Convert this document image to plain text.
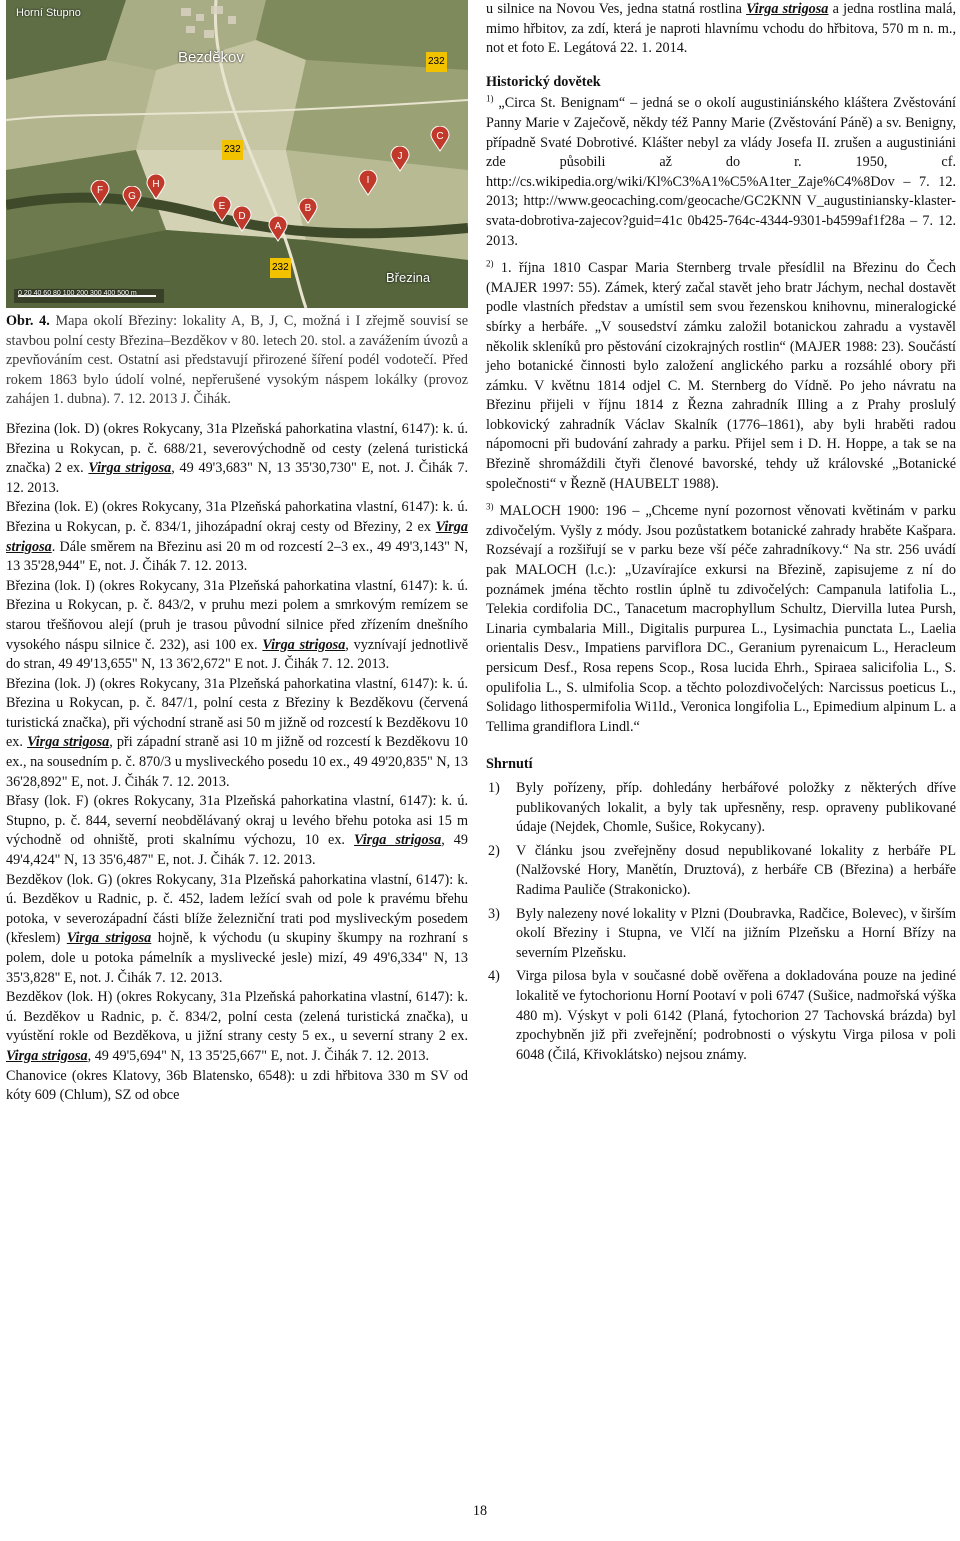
Horní Stupno
Bezděkov
Březina
0 20 40 60 80 100 200 300 400 500 m
232
232
232
F
G
H
E
D
A
B
I
J
C

Obr. 4. Mapa okolí Březiny: lokality A, B, J, C, možná i I zřejmě souvisí se stavbou polní cesty Březina–Bezděkov v 80. letech 20. stol. a zavážením úvozů a zpevňováním cest. Ostatní asi představují přirozené šíření podél vodotečí. Před rokem 1863 bylo údolí volné, nepřerušené vysokým náspem lokálky (provoz zahájen 1. dubna). 7. 12. 2013 J. Čihák.

Březina (lok. D) (okres Rokycany, 31a Plzeňská pahorkatina vlastní, 6147): k. ú. Březina u Rokycan, p. č. 688/21, severovýchodně od cesty (zelená turistická značka) 2 ex. Virga strigosa, 49 49'3,683" N, 13 35'30,730" E, not. J. Čihák 7. 12. 2013.

Březina (lok. E) (okres Rokycany, 31a Plzeňská pahorkatina vlastní, 6147): k. ú. Březina u Rokycan, p. č. 834/1, jihozápadní okraj cesty od Březiny, 2 ex Virga strigosa. Dále směrem na Březinu asi 20 m od rozcestí 2–3 ex., 49 49'3,143" N, 13 35'28,944" E, not. J. Čihák 7. 12. 2013.

Březina (lok. I) (okres Rokycany, 31a Plzeňská pahorkatina vlastní, 6147): k. ú. Březina u Rokycan, p. č. 843/2, v pruhu mezi polem a smrkovým remízem se starou třešňovou alejí (pruh je trasou původní silnice před zřízením dnešního vysokého náspu silnice č. 232), asi 100 ex. Virga strigosa, vyznívají jednotlivě do stran, 49 49'13,655" N, 13 36'2,672" E not. J. Čihák 7. 12. 2013.

Březina (lok. J) (okres Rokycany, 31a Plzeňská pahorkatina vlastní, 6147): k. ú. Březina u Rokycan, p. č. 847/1, polní cesta z Březiny k Bezděkovu (červená turistická značka), při východní straně asi 50 m jižně od rozcestí k Bezděkovu 10 ex. Virga strigosa, při západní straně asi 10 m jižně od rozcestí k Bezděkovu 10 ex., na sousedním p. č. 870/3 u mysliveckého posedu 10 ex., 49 49'20,835" N, 13 36'28,892" E, not. J. Čihák 7. 12. 2013.

Břasy (lok. F) (okres Rokycany, 31a Plzeňská pahorkatina vlastní, 6147): k. ú. Stupno, p. č. 844, severní neobdělávaný okraj u levého břehu potoka asi 15 m východně od ohniště, proti skalnímu výchozu, 10 ex. Virga strigosa, 49 49'4,424" N, 13 35'6,487" E, not. J. Čihák 7. 12. 2013.

Bezděkov (lok. G) (okres Rokycany, 31a Plzeňská pahorkatina vlastní, 6147): k. ú. Bezděkov u Radnic, p. č. 452, ladem ležící svah od pole k pravému břehu potoka, v severozápadní části blíže železniční trati pod mysliveckým posedem (křeslem) Virga strigosa hojně, k východu (u skupiny škumpy na rozhraní s polem, dole u potoka pámelník a myslivecké jesle) mizí, 49 49'6,334" N, 13 35'3,828" E, not. J. Čihák 7. 12. 2013.

Bezděkov (lok. H) (okres Rokycany, 31a Plzeňská pahorkatina vlastní, 6147): k. ú. Bezděkov u Radnic, p. č. 834/2, polní cesta (zelená turistická značka), u vyústění rokle od Bezděkova, u jižní strany cesty 5 ex., u severní strany 2 ex. Virga strigosa, 49 49'5,694" N, 13 35'25,667" E, not. J. Čihák 7. 12. 2013.

Chanovice (okres Klatovy, 36b Blatensko, 6548): u zdi hřbitova 330 m SV od kóty 609 (Chlum), SZ od obce

u silnice na Novou Ves, jedna statná rostlina Virga strigosa a jedna rostlina malá, mimo hřbitov, za zdí, která je naproti hlavnímu vchodu do hřbitova, 570 m n. m., not et foto E. Legátová 22. 1. 2014.

Historický dovětek

$^{1)}$ „Circa St. Benignam“ – jedná se o okolí augustiniánského kláštera Zvěstování Panny Marie v Zaječově, někdy též Panny Marie (Zvěstování Páně) a sv. Benigny, případně Svaté Dobrotivé. Klášter nebyl za vlády Josefa II. zrušen a augustiniáni zde působili až do r. 1950, cf. http://cs.wikipedia.org/wiki/Kl%C3%A1%C5%A1ter_Zaje%C4%8Dov – 7. 12. 2013; http://www.geocaching.com/geocache/GC2KNN V_augustiniansky-klaster-svata-dobrotiva-zajecov?guid=41c 0b425-764c-4344-9301-b4599af1f28a – 7. 12. 2013.

$^{2)}$ 1. října 1810 Caspar Maria Sternberg trvale přesídlil na Březinu do Čech (MAJER 1997: 55). Zámek, který začal stavět jeho bratr Jáchym, nechal dostavět podle vlastních představ a umístil sem svou řezenskou knihovnu, mineralogické sbírky a herbáře. „V sousedství zámku založil botanickou zahradu a vystavěl několik skleníků pro pěstování cizokrajných rostlin“ (MAJER 1988: 23). Součástí jeho botanické činnosti bylo založení anglického parku a rozsáhlé obory při zámku. V květnu 1814 odjel C. M. Sternberg do Vídně. Po jeho návratu na Březinu přijeli v říjnu 1814 z Řezna zahradník Illing a z Prahy proslulý lobkovický zahradník Václav Skalník (1776–1861), aby byli hraběti radou nápomocni při budování zahrady a parku. Přijel sem i D. H. Hoppe, a tak se na Březině shromáždili čtyři členové bavorské, tehdy už královské „Botanické společnosti“ v Řezně (HAUBELT 1988).

$^{3)}$ MALOCH 1900: 196 – „Chceme nyní pozornost věnovati květinám v parku zdivočelým. Vyšly z módy. Jsou pozůstatkem botanické zahrady hraběte Kašpara. Rozsévají a rozšiřují se v parku beze vší péče zahradníkovy.“ Na str. 256 uvádí pak MALOCH (l.c.): „Uzavírajíce exkursi na Březině, zapisujeme z ní do poznámek jména těchto rostlin úplně tu zdivočelých: Campanula latifolia L., Telekia cordifolia DC., Tanacetum macrophyllum Schultz, Diervilla lutea Pursh, Linaria cymbalaria Mill., Digitalis purpurea L., Lysimachia punctata L., Laelia orientalis Desv., Impatiens parviflora DC., Geranium pyrenaicum L., Heracleum persicum Desf., Rosa repens Scop., Rosa lucida Ehrh., Spiraea salicifolia L., S. opulifolia L., S. ulmifolia Scop. a těchto polozdivočelých: Narcissus poeticus L., Solidago lithospermifolia Wi1ld., Veronica longifolia L., Epimedium alpinum L. a Tellima grandiflora Lindl.“

Shrnutí

1) Byly pořízeny, příp. dohledány herbářové položky z některých dříve publikovaných lokalit, a byly tak upřesněny, resp. opraveny publikované údaje (Nejdek, Chomle, Sušice, Rokycany).
2) V článku jsou zveřejněny dosud nepublikované lokality z herbáře PL (Nalžovské Hory, Manětín, Druztová), z herbáře CB (Březina) a herbáře Radima Pauliče (Strakonicko).
3) Byly nalezeny nové lokality v Plzni (Doubravka, Radčice, Bolevec), v širším okolí Březiny i Stupna, ve Vlčí na jižním Plzeňsku a Horní Břízy na severním Plzeňsku.
4) Virga pilosa byla v současné době ověřena a dokladována pouze na jediné lokalitě ve fytochorionu Horní Pootaví v poli 6747 (Sušice, nadmořská výška 480 m). Výskyt v poli 6142 (Planá, fytochorion 27 Tachovská brázda) byl zpochybněn již při zveřejnění; podrobnosti o výskytu Virga pilosa v poli 6048 (Čilá, Křivoklátsko) nejsou známy.
18
